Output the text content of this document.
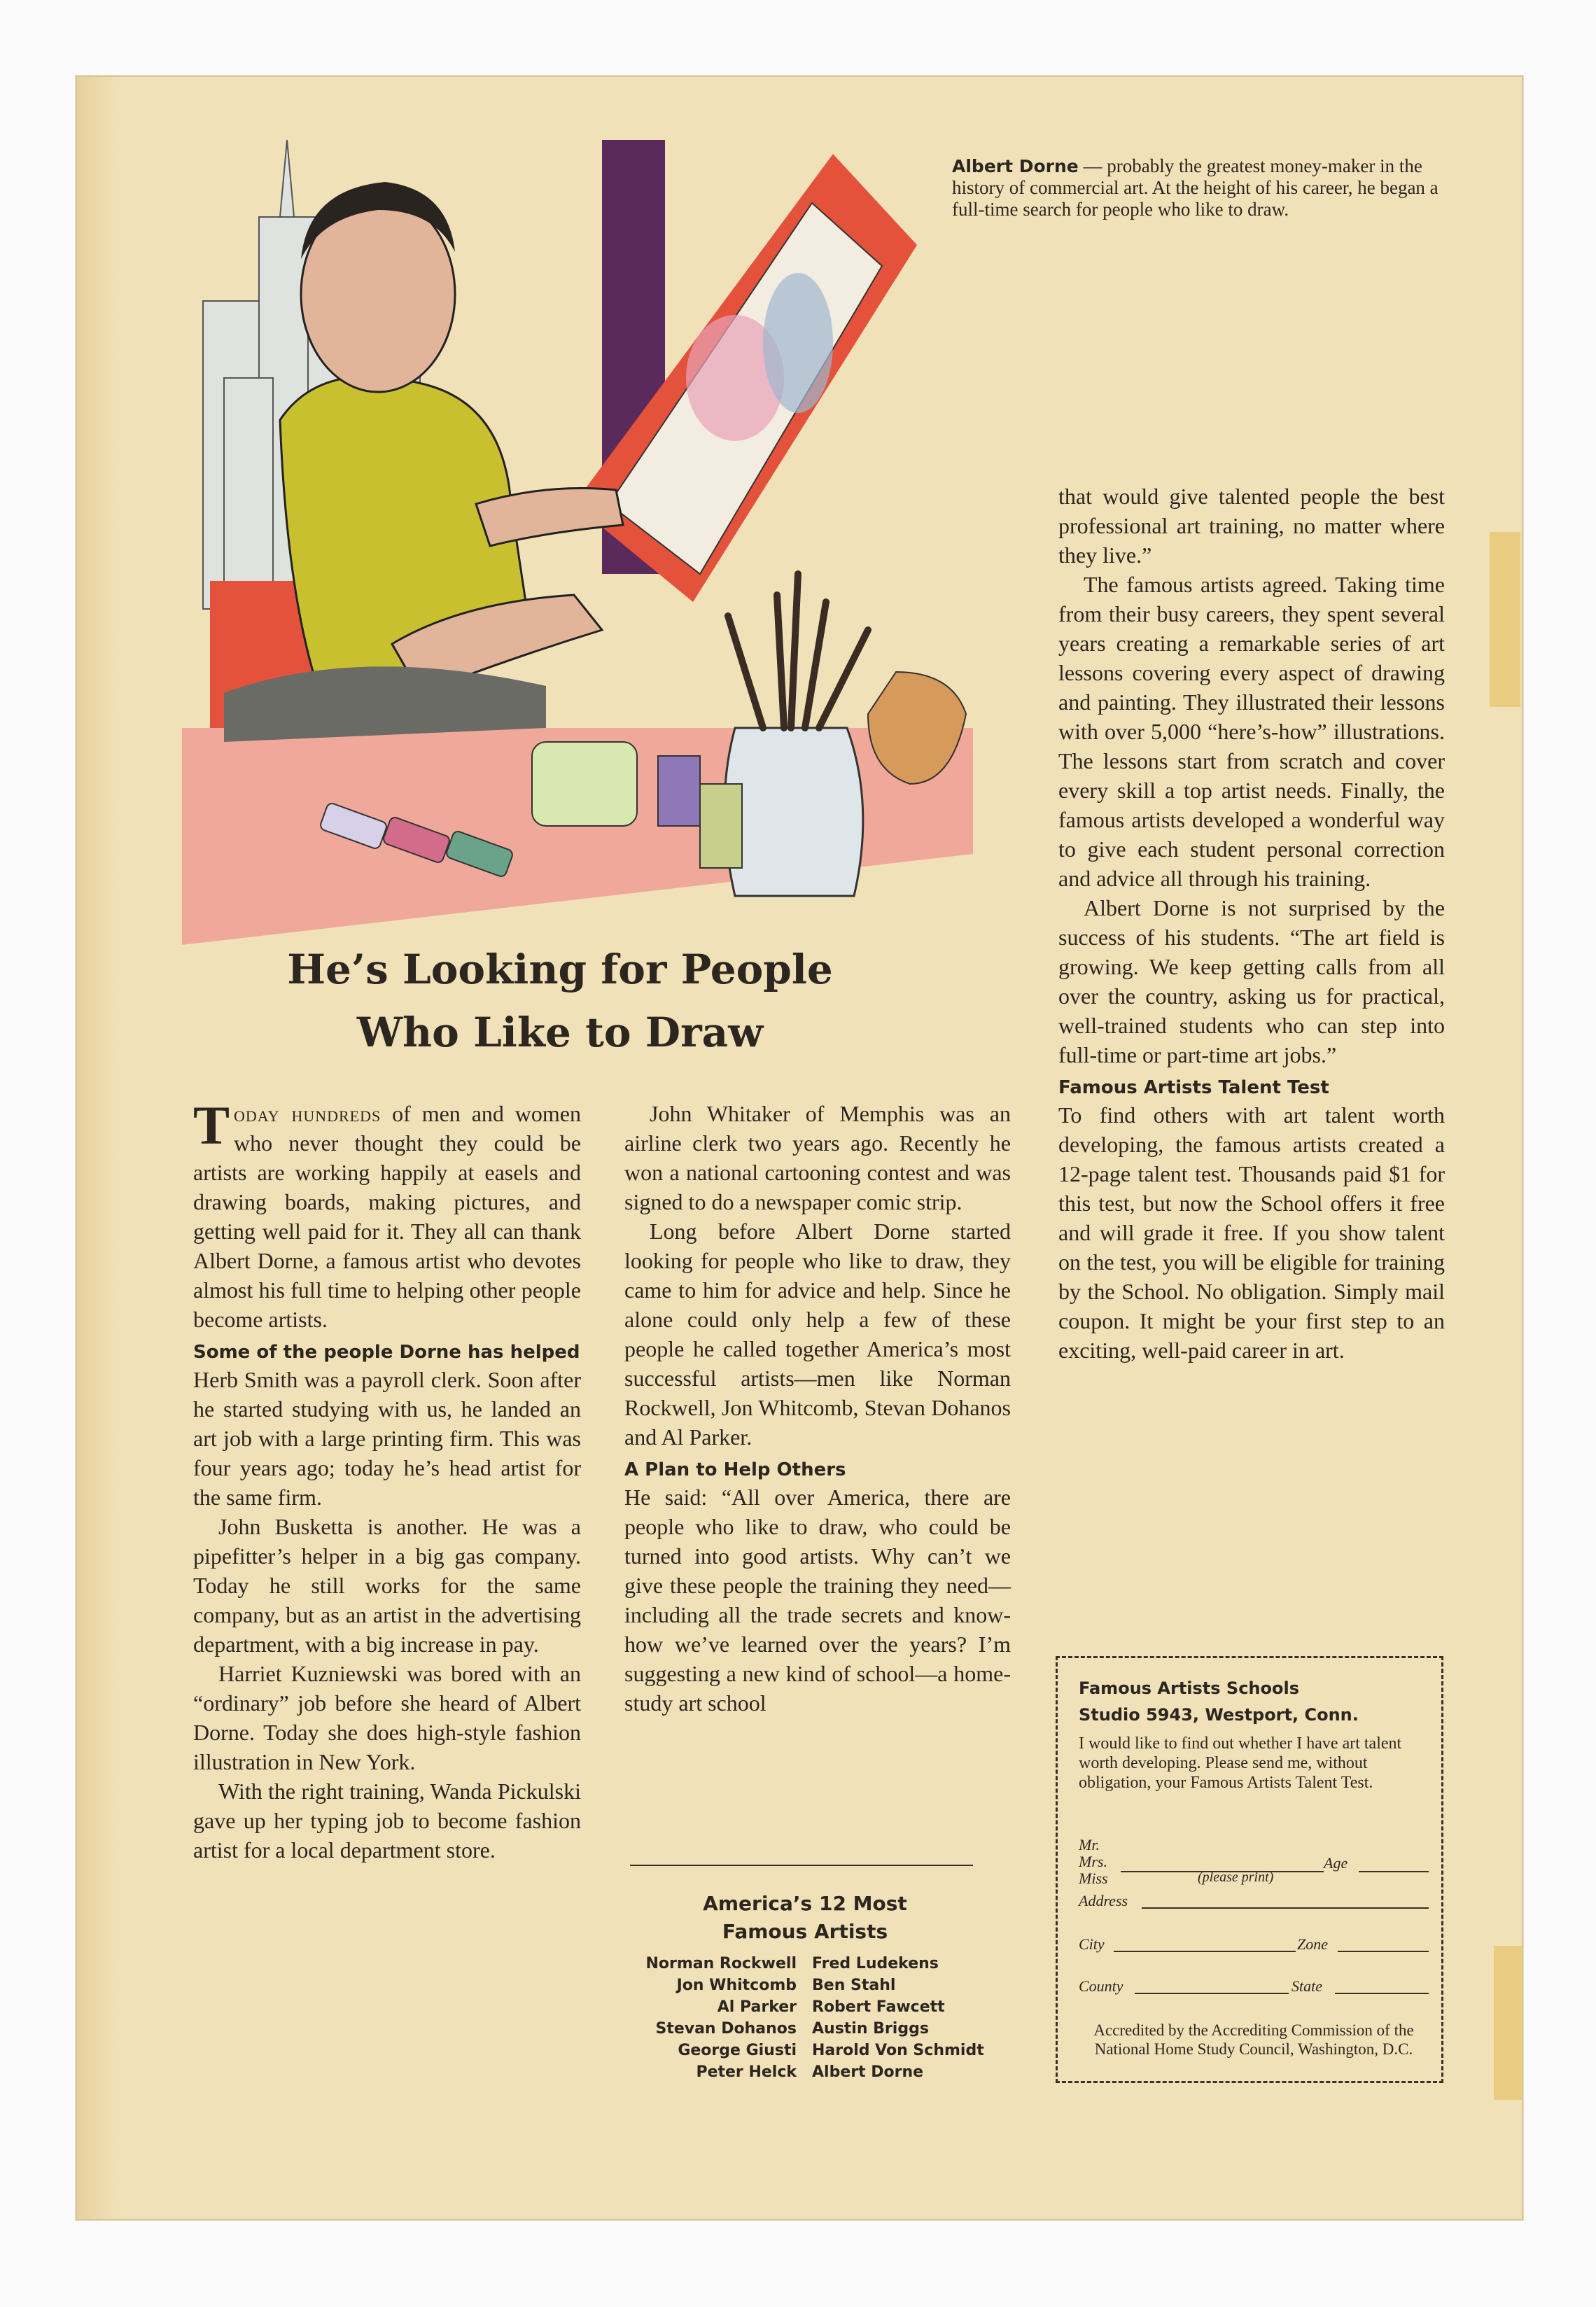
Albert Dorne — probably the greatest money-maker in the history of commercial art. At the height of his career, he began a full-time search for people who like to draw.
He’s Looking for People
Who Like to Draw

Today hundreds of men and women who never thought they could be artists are working happily at easels and drawing boards, making pictures, and getting well paid for it. They all can thank Albert Dorne, a famous artist who devotes almost his full time to helping other people become artists.

Some of the people Dorne has helped

Herb Smith was a payroll clerk. Soon after he started studying with us, he landed an art job with a large printing firm. This was four years ago; today he’s head artist for the same firm.

John Busketta is another. He was a pipefitter’s helper in a big gas company. Today he still works for the same company, but as an artist in the advertising department, with a big increase in pay.

Harriet Kuzniewski was bored with an “ordinary” job before she heard of Albert Dorne. Today she does high-style fashion illustration in New York.

With the right training, Wanda Pickulski gave up her typing job to become fashion artist for a local department store.

John Whitaker of Memphis was an airline clerk two years ago. Recently he won a national cartooning contest and was signed to do a newspaper comic strip.

Long before Albert Dorne started looking for people who like to draw, they came to him for advice and help. Since he alone could only help a few of these people he called together America’s most successful artists—men like Norman Rockwell, Jon Whitcomb, Stevan Dohanos and Al Parker.

A Plan to Help Others

He said: “All over America, there are people who like to draw, who could be turned into good artists. Why can’t we give these people the training they need—including all the trade secrets and know-how we’ve learned over the years? I’m suggesting a new kind of school—a home-study art school

America’s 12 Most
Famous Artists
Norman Rockwell	Fred Ludekens
Jon Whitcomb	Ben Stahl
Al Parker	Robert Fawcett
Stevan Dohanos	Austin Briggs
George Giusti	Harold Von Schmidt
Peter Helck	Albert Dorne

that would give talented people the best professional art training, no matter where they live.”

The famous artists agreed. Taking time from their busy careers, they spent several years creating a remarkable series of art lessons covering every aspect of drawing and painting. They illustrated their lessons with over 5,000 “here’s-how” illustrations. The lessons start from scratch and cover every skill a top artist needs. Finally, the famous artists developed a wonderful way to give each student personal correction and advice all through his training.

Albert Dorne is not surprised by the success of his students. “The art field is growing. We keep getting calls from all over the country, asking us for practical, well-trained students who can step into full-time or part-time art jobs.”

Famous Artists Talent Test

To find others with art talent worth developing, the famous artists created a 12-page talent test. Thousands paid $1 for this test, but now the School offers it free and will grade it free. If you show talent on the test, you will be eligible for training by the School. No obligation. Simply mail coupon. It might be your first step to an exciting, well-paid career in art.

Famous Artists Schools
Studio 5943, Westport, Conn.
I would like to find out whether I have art talent worth developing. Please send me, without obligation, your Famous Artists Talent Test.
Mr.
Mrs.
Miss
Age
(please print)
Address
City	Zone
County	State
Accredited by the Accrediting Commission of the National Home Study Council, Washington, D.C.
